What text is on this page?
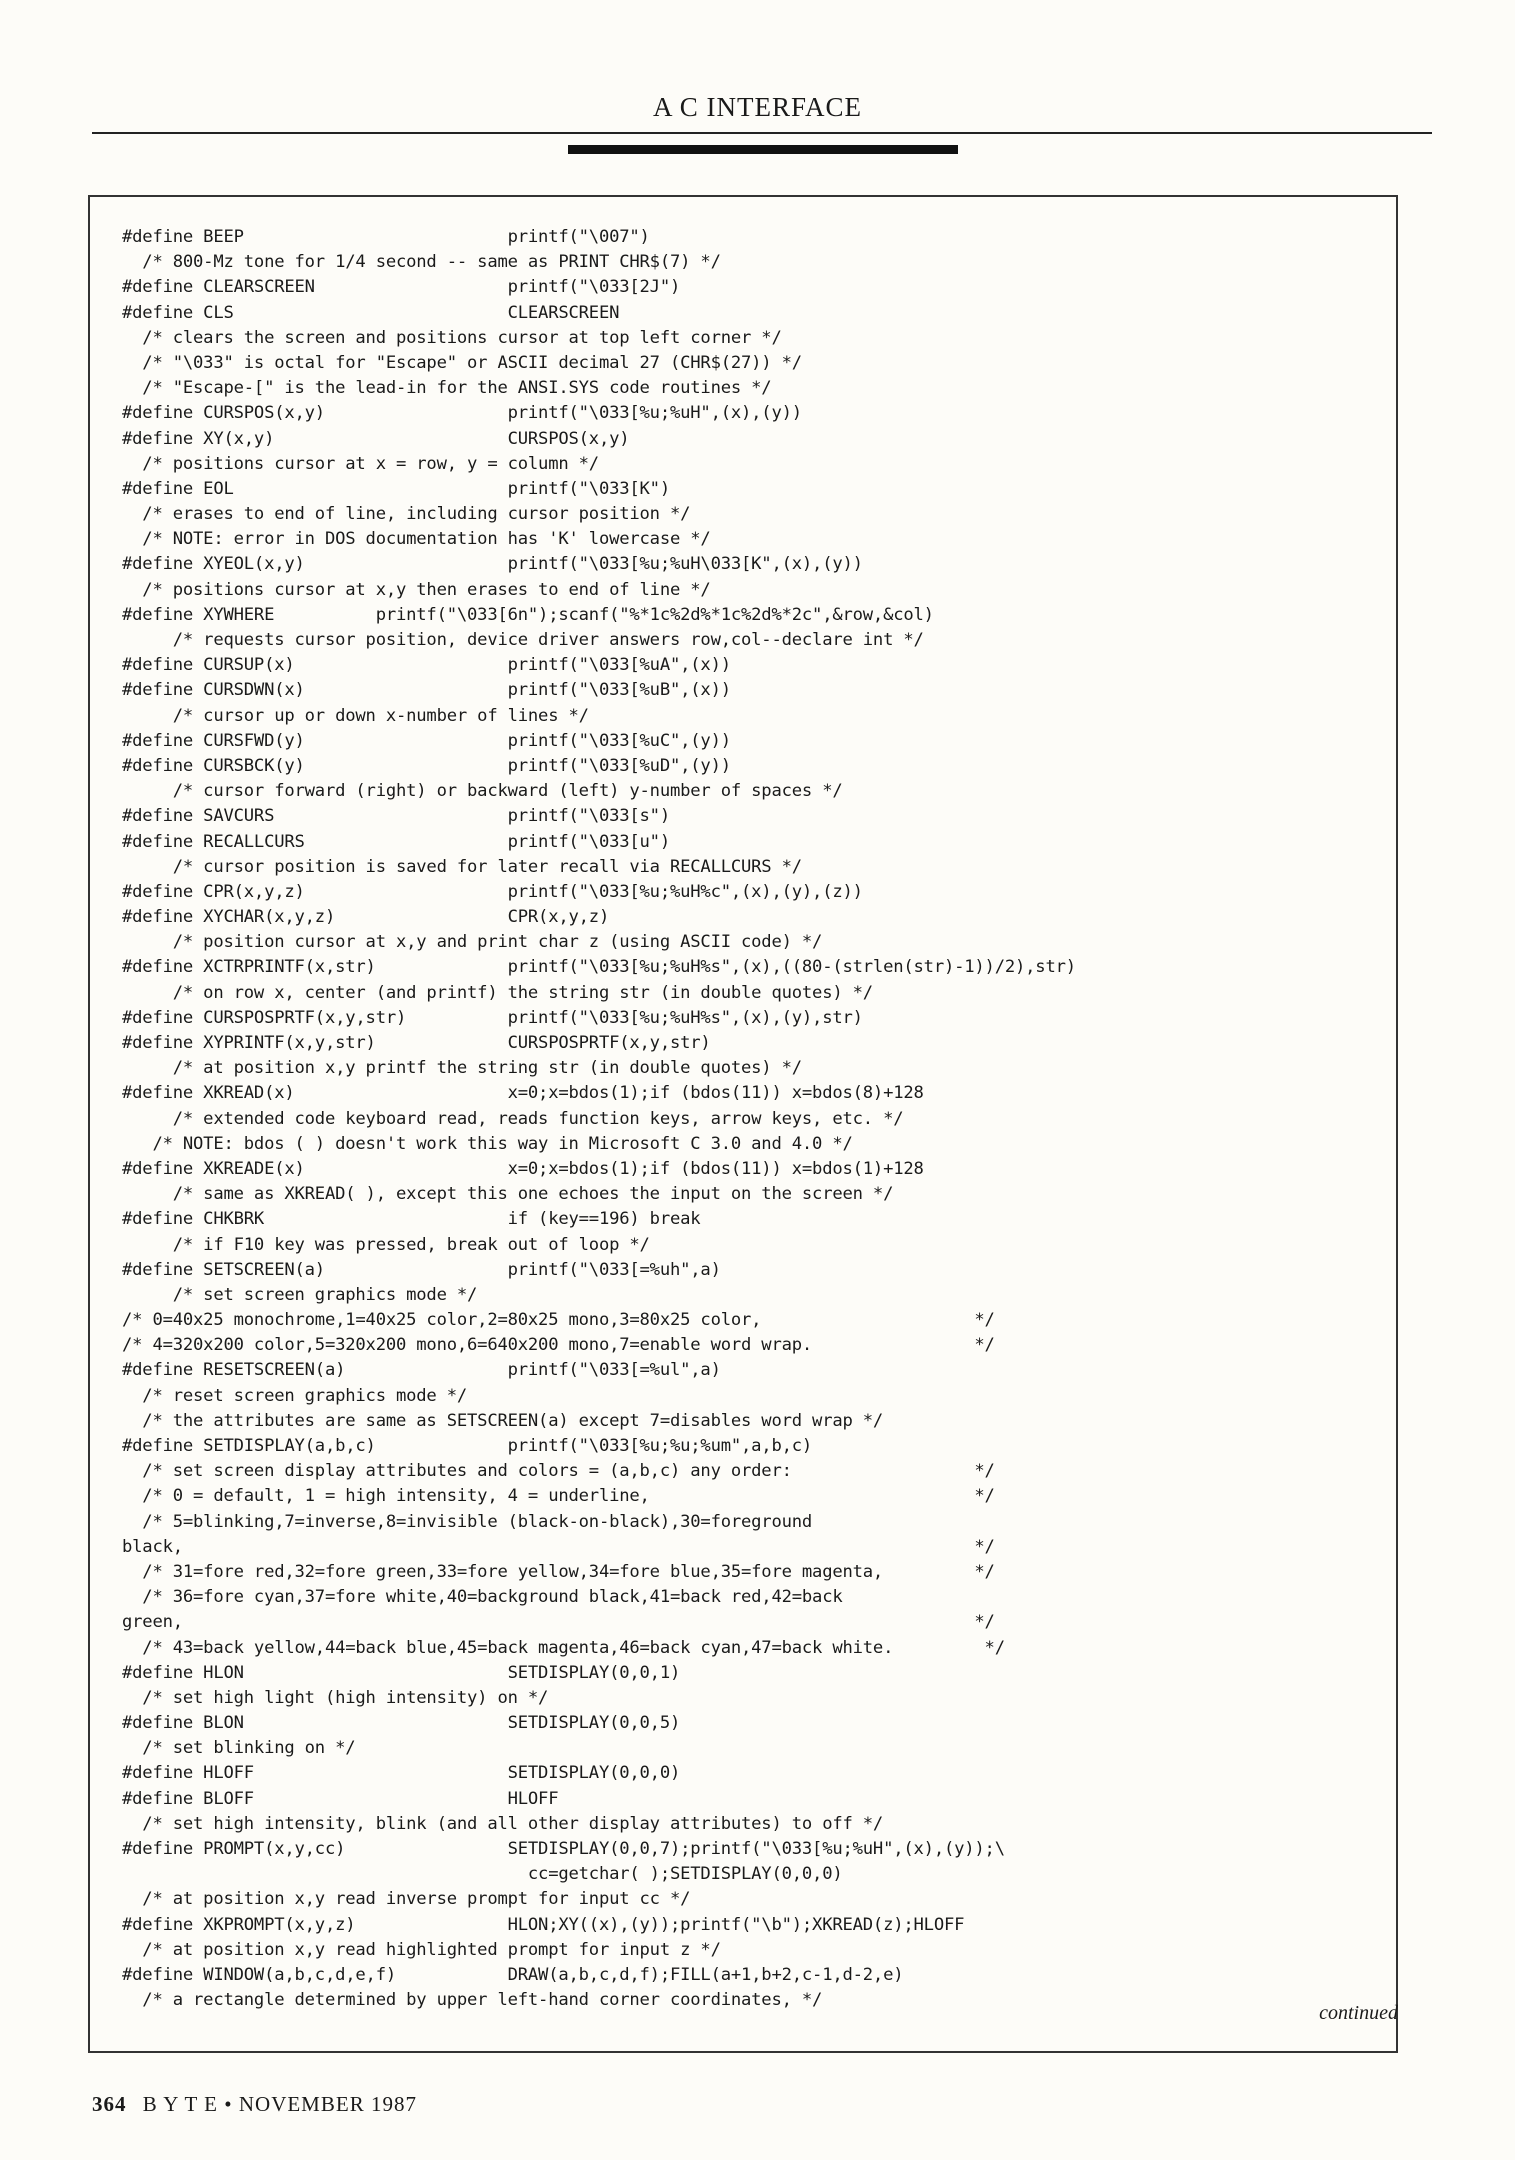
A C INTERFACE
#define BEEP                          printf("\007")
/* 800-Mz tone for 1/4 second -- same as PRINT CHR$(7) */
#define CLEARSCREEN                   printf("\033[2J")
#define CLS                           CLEARSCREEN
/* clears the screen and positions cursor at top left corner */
/* "\033" is octal for "Escape" or ASCII decimal 27 (CHR$(27)) */
/* "Escape-[" is the lead-in for the ANSI.SYS code routines */
#define CURSPOS(x,y)                  printf("\033[%u;%uH",(x),(y))
#define XY(x,y)                       CURSPOS(x,y)
/* positions cursor at x = row, y = column */
#define EOL                           printf("\033[K")
/* erases to end of line, including cursor position */
/* NOTE: error in DOS documentation has 'K' lowercase */
#define XYEOL(x,y)                    printf("\033[%u;%uH\033[K",(x),(y))
/* positions cursor at x,y then erases to end of line */
#define XYWHERE          printf("\033[6n");scanf("%*1c%2d%*1c%2d%*2c",&row,&col)
/* requests cursor position, device driver answers row,col--declare int */
#define CURSUP(x)                     printf("\033[%uA",(x))
#define CURSDWN(x)                    printf("\033[%uB",(x))
/* cursor up or down x-number of lines */
#define CURSFWD(y)                    printf("\033[%uC",(y))
#define CURSBCK(y)                    printf("\033[%uD",(y))
/* cursor forward (right) or backward (left) y-number of spaces */
#define SAVCURS                       printf("\033[s")
#define RECALLCURS                    printf("\033[u")
/* cursor position is saved for later recall via RECALLCURS */
#define CPR(x,y,z)                    printf("\033[%u;%uH%c",(x),(y),(z))
#define XYCHAR(x,y,z)                 CPR(x,y,z)
/* position cursor at x,y and print char z (using ASCII code) */
#define XCTRPRINTF(x,str)             printf("\033[%u;%uH%s",(x),((80-(strlen(str)-1))/2),str)
/* on row x, center (and printf) the string str (in double quotes) */
#define CURSPOSPRTF(x,y,str)          printf("\033[%u;%uH%s",(x),(y),str)
#define XYPRINTF(x,y,str)             CURSPOSPRTF(x,y,str)
/* at position x,y printf the string str (in double quotes) */
#define XKREAD(x)                     x=0;x=bdos(1);if (bdos(11)) x=bdos(8)+128
/* extended code keyboard read, reads function keys, arrow keys, etc. */
/* NOTE: bdos ( ) doesn't work this way in Microsoft C 3.0 and 4.0 */
#define XKREADE(x)                    x=0;x=bdos(1);if (bdos(11)) x=bdos(1)+128
/* same as XKREAD( ), except this one echoes the input on the screen */
#define CHKBRK                        if (key==196) break
/* if F10 key was pressed, break out of loop */
#define SETSCREEN(a)                  printf("\033[=%uh",a)
/* set screen graphics mode */
/* 0=40x25 monochrome,1=40x25 color,2=80x25 mono,3=80x25 color,                     */
/* 4=320x200 color,5=320x200 mono,6=640x200 mono,7=enable word wrap.                */
#define RESETSCREEN(a)                printf("\033[=%ul",a)
/* reset screen graphics mode */
/* the attributes are same as SETSCREEN(a) except 7=disables word wrap */
#define SETDISPLAY(a,b,c)             printf("\033[%u;%u;%um",a,b,c)
/* set screen display attributes and colors = (a,b,c) any order:                  */
/* 0 = default, 1 = high intensity, 4 = underline,                                */
/* 5=blinking,7=inverse,8=invisible (black-on-black),30=foreground
black,                                                                              */
/* 31=fore red,32=fore green,33=fore yellow,34=fore blue,35=fore magenta,         */
/* 36=fore cyan,37=fore white,40=background black,41=back red,42=back
green,                                                                              */
/* 43=back yellow,44=back blue,45=back magenta,46=back cyan,47=back white.         */
#define HLON                          SETDISPLAY(0,0,1)
/* set high light (high intensity) on */
#define BLON                          SETDISPLAY(0,0,5)
/* set blinking on */
#define HLOFF                         SETDISPLAY(0,0,0)
#define BLOFF                         HLOFF
/* set high intensity, blink (and all other display attributes) to off */
#define PROMPT(x,y,cc)                SETDISPLAY(0,0,7);printf("\033[%u;%uH",(x),(y));\
cc=getchar( );SETDISPLAY(0,0,0)
/* at position x,y read inverse prompt for input cc */
#define XKPROMPT(x,y,z)               HLON;XY((x),(y));printf("\b");XKREAD(z);HLOFF
/* at position x,y read highlighted prompt for input z */
#define WINDOW(a,b,c,d,e,f)           DRAW(a,b,c,d,f);FILL(a+1,b+2,c-1,d-2,e)
/* a rectangle determined by upper left-hand corner coordinates, */
continued
364 B Y T E • NOVEMBER 1987
